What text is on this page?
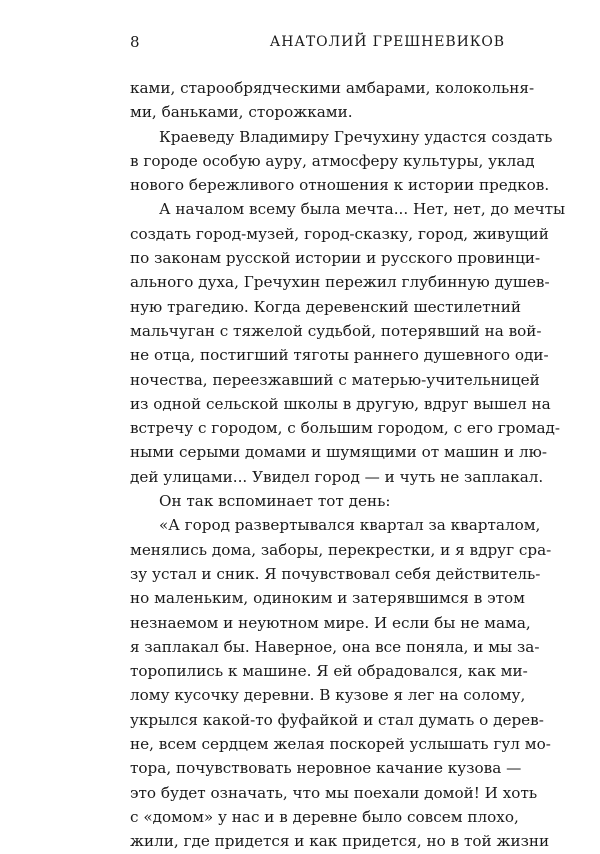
8	АНАТОЛИЙ ГРЕШНЕВИКОВ
ками, старообрядческими амбарами, колокольня-
ми, баньками, сторожками.
Краеведу Владимиру Гречухину удастся создать
в городе особую ауру, атмосферу культуры, уклад
нового бережливого отношения к истории предков.
А началом всему была мечта... Нет, нет, до мечты
создать город-музей, город-сказку, город, живущий
по законам русской истории и русского провинци-
ального духа, Гречухин пережил глубинную душев-
ную трагедию. Когда деревенский шестилетний
мальчуган с тяжелой судьбой, потерявший на вой-
не отца, постигший тяготы раннего душевного оди-
ночества, переезжавший с матерью-учительницей
из одной сельской школы в другую, вдруг вышел на
встречу с городом, с большим городом, с его громад-
ными серыми домами и шумящими от машин и лю-
дей улицами... Увидел город — и чуть не заплакал.
Он так вспоминает тот день:
«А город развертывался квартал за кварталом,
менялись дома, заборы, перекрестки, и я вдруг сра-
зу устал и сник. Я почувствовал себя действитель-
но маленьким, одиноким и затерявшимся в этом
незнаемом и неуютном мире. И если бы не мама,
я заплакал бы. Наверное, она все поняла, и мы за-
торопились к машине. Я ей обрадовался, как ми-
лому кусочку деревни. В кузове я лег на солому,
укрылся какой-то фуфайкой и стал думать о дерев-
не, всем сердцем желая поскорей услышать гул мо-
тора, почувствовать неровное качание кузова —
это будет означать, что мы поехали домой! И хоть
с «домом» у нас и в деревне было совсем плохо,
жили, где придется и как придется, но в той жизни
